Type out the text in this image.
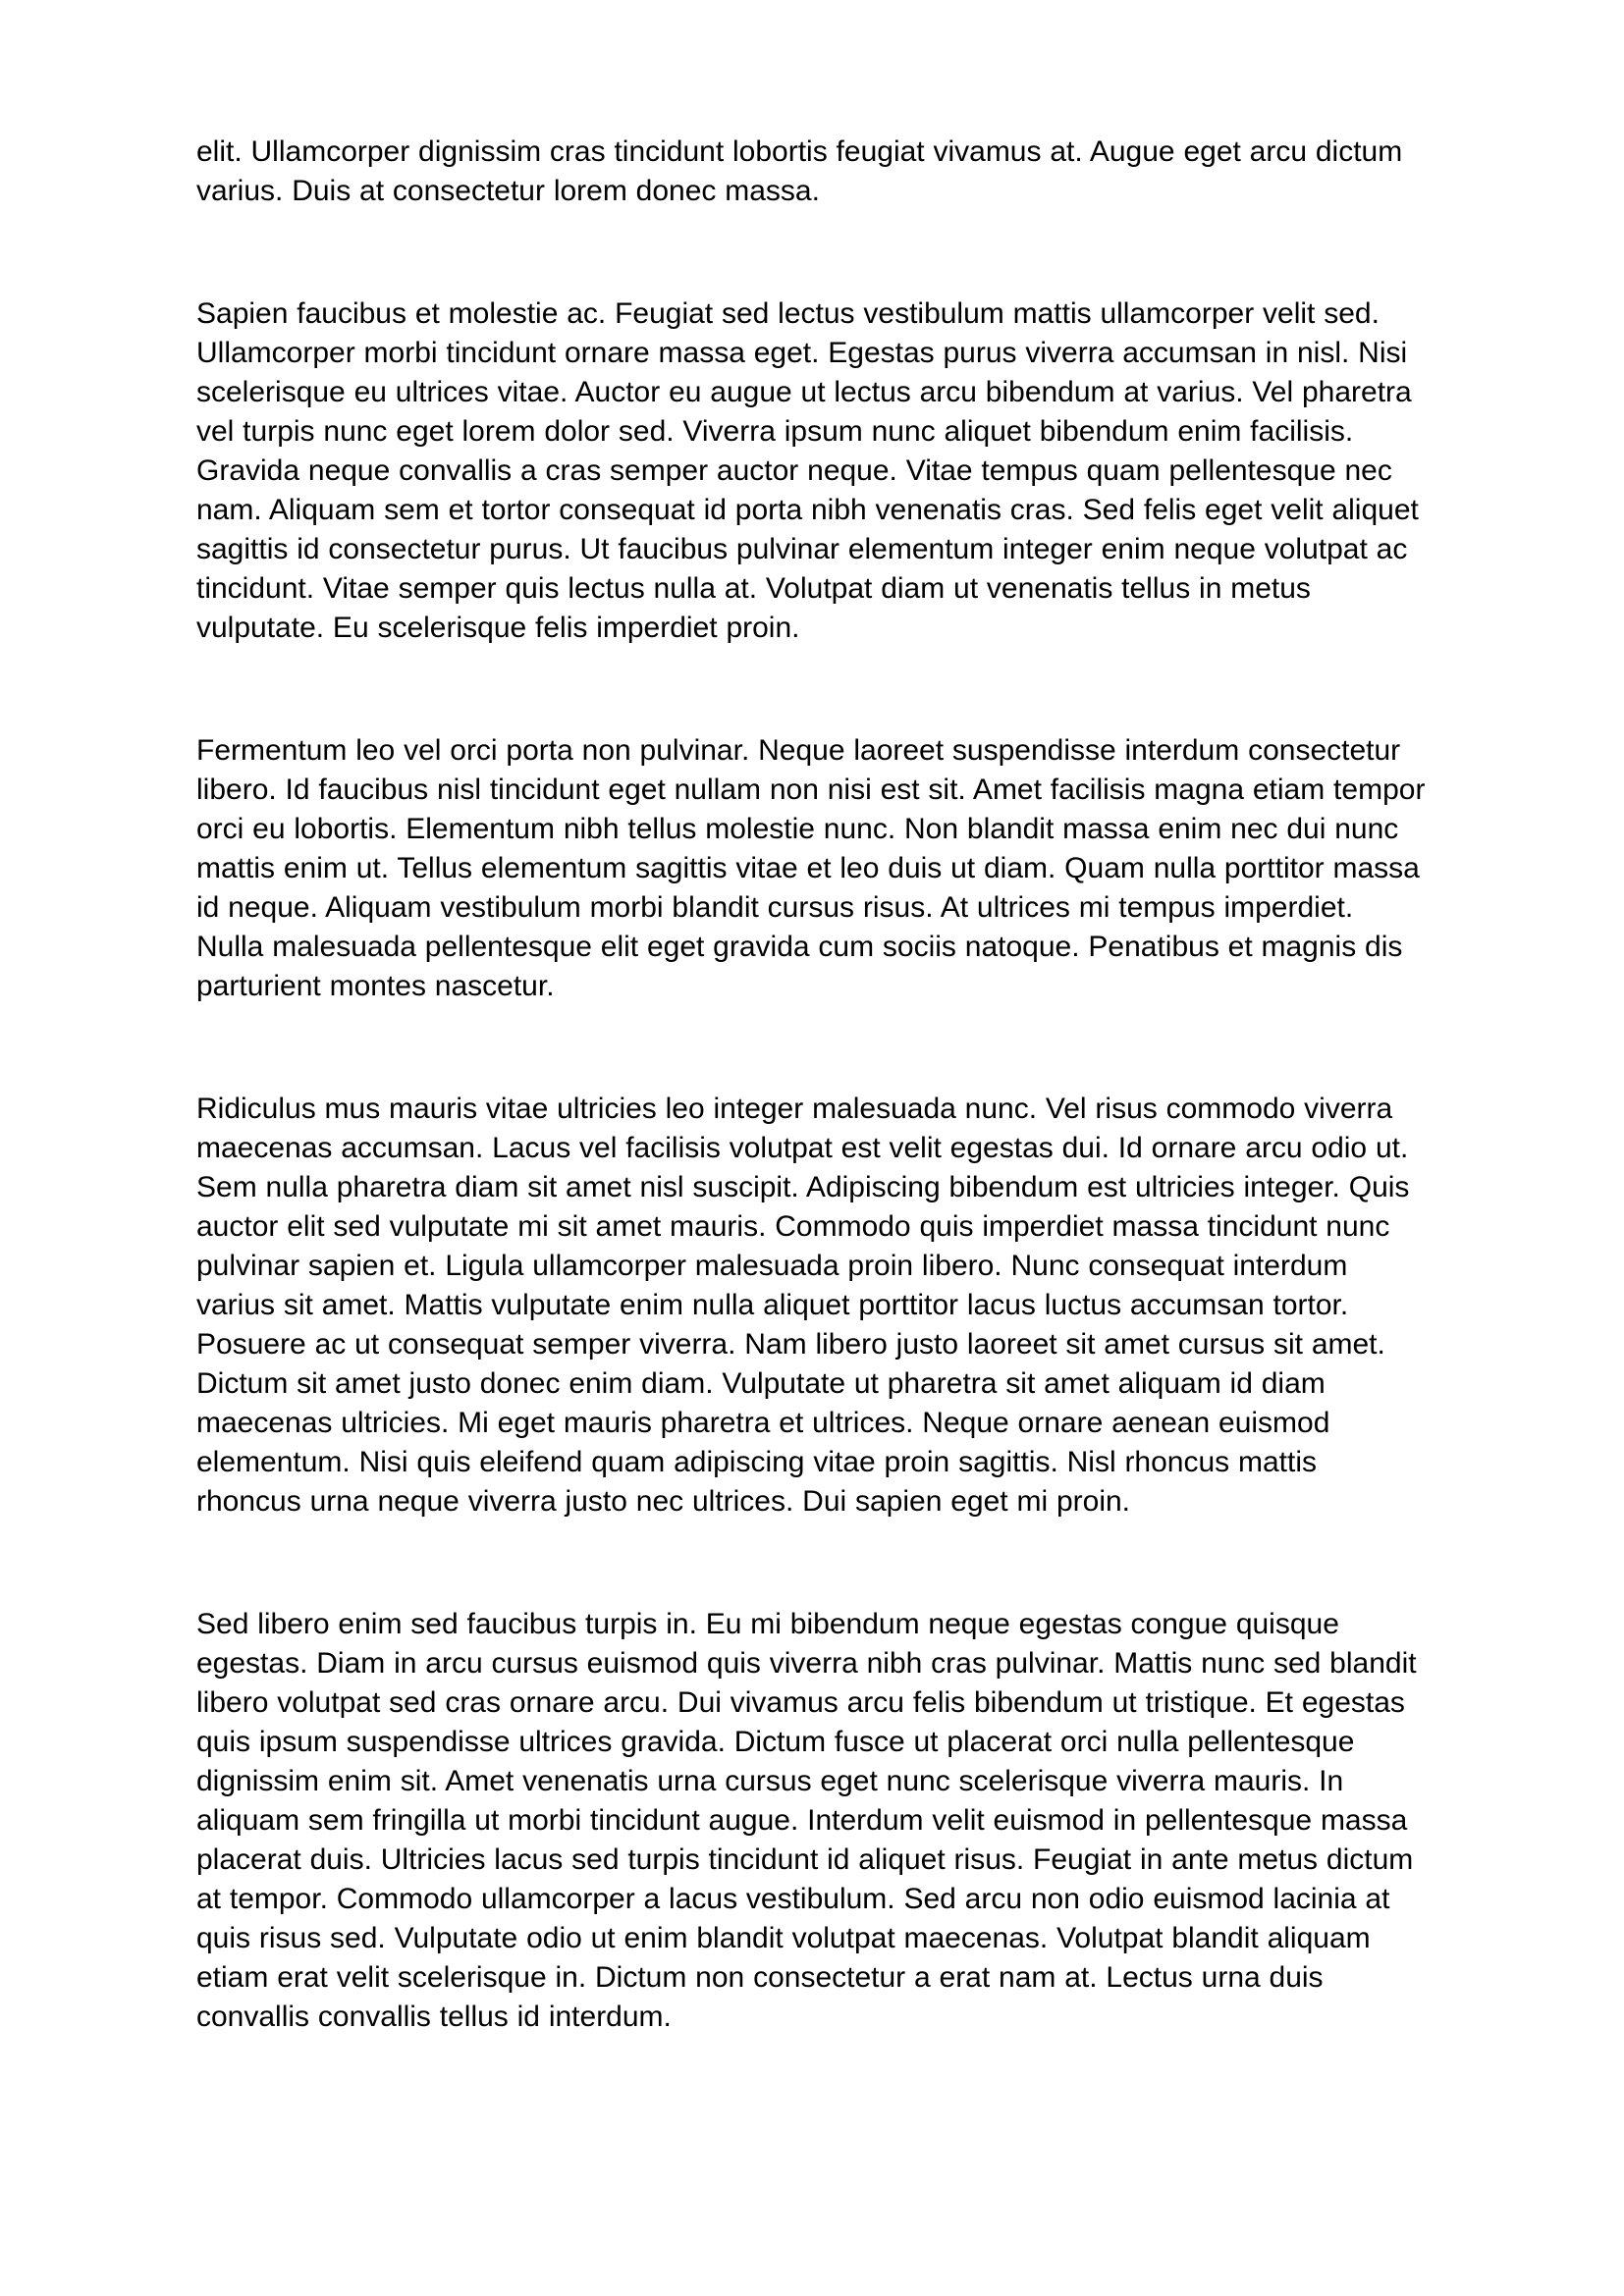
elit. Ullamcorper dignissim cras tincidunt lobortis feugiat vivamus at. Augue eget arcu dictum varius. Duis at consectetur lorem donec massa.

Sapien faucibus et molestie ac. Feugiat sed lectus vestibulum mattis ullamcorper velit sed. Ullamcorper morbi tincidunt ornare massa eget. Egestas purus viverra accumsan in nisl. Nisi scelerisque eu ultrices vitae. Auctor eu augue ut lectus arcu bibendum at varius. Vel pharetra vel turpis nunc eget lorem dolor sed. Viverra ipsum nunc aliquet bibendum enim facilisis. Gravida neque convallis a cras semper auctor neque. Vitae tempus quam pellentesque nec nam. Aliquam sem et tortor consequat id porta nibh venenatis cras. Sed felis eget velit aliquet sagittis id consectetur purus. Ut faucibus pulvinar elementum integer enim neque volutpat ac tincidunt. Vitae semper quis lectus nulla at. Volutpat diam ut venenatis tellus in metus vulputate. Eu scelerisque felis imperdiet proin.

Fermentum leo vel orci porta non pulvinar. Neque laoreet suspendisse interdum consectetur libero. Id faucibus nisl tincidunt eget nullam non nisi est sit. Amet facilisis magna etiam tempor orci eu lobortis. Elementum nibh tellus molestie nunc. Non blandit massa enim nec dui nunc mattis enim ut. Tellus elementum sagittis vitae et leo duis ut diam. Quam nulla porttitor massa id neque. Aliquam vestibulum morbi blandit cursus risus. At ultrices mi tempus imperdiet. Nulla malesuada pellentesque elit eget gravida cum sociis natoque. Penatibus et magnis dis parturient montes nascetur.

Ridiculus mus mauris vitae ultricies leo integer malesuada nunc. Vel risus commodo viverra maecenas accumsan. Lacus vel facilisis volutpat est velit egestas dui. Id ornare arcu odio ut. Sem nulla pharetra diam sit amet nisl suscipit. Adipiscing bibendum est ultricies integer. Quis auctor elit sed vulputate mi sit amet mauris. Commodo quis imperdiet massa tincidunt nunc pulvinar sapien et. Ligula ullamcorper malesuada proin libero. Nunc consequat interdum varius sit amet. Mattis vulputate enim nulla aliquet porttitor lacus luctus accumsan tortor. Posuere ac ut consequat semper viverra. Nam libero justo laoreet sit amet cursus sit amet. Dictum sit amet justo donec enim diam. Vulputate ut pharetra sit amet aliquam id diam maecenas ultricies. Mi eget mauris pharetra et ultrices. Neque ornare aenean euismod elementum. Nisi quis eleifend quam adipiscing vitae proin sagittis. Nisl rhoncus mattis rhoncus urna neque viverra justo nec ultrices. Dui sapien eget mi proin.

Sed libero enim sed faucibus turpis in. Eu mi bibendum neque egestas congue quisque egestas. Diam in arcu cursus euismod quis viverra nibh cras pulvinar. Mattis nunc sed blandit libero volutpat sed cras ornare arcu. Dui vivamus arcu felis bibendum ut tristique. Et egestas quis ipsum suspendisse ultrices gravida. Dictum fusce ut placerat orci nulla pellentesque dignissim enim sit. Amet venenatis urna cursus eget nunc scelerisque viverra mauris. In aliquam sem fringilla ut morbi tincidunt augue. Interdum velit euismod in pellentesque massa placerat duis. Ultricies lacus sed turpis tincidunt id aliquet risus. Feugiat in ante metus dictum at tempor. Commodo ullamcorper a lacus vestibulum. Sed arcu non odio euismod lacinia at quis risus sed. Vulputate odio ut enim blandit volutpat maecenas. Volutpat blandit aliquam etiam erat velit scelerisque in. Dictum non consectetur a erat nam at. Lectus urna duis convallis convallis tellus id interdum.
